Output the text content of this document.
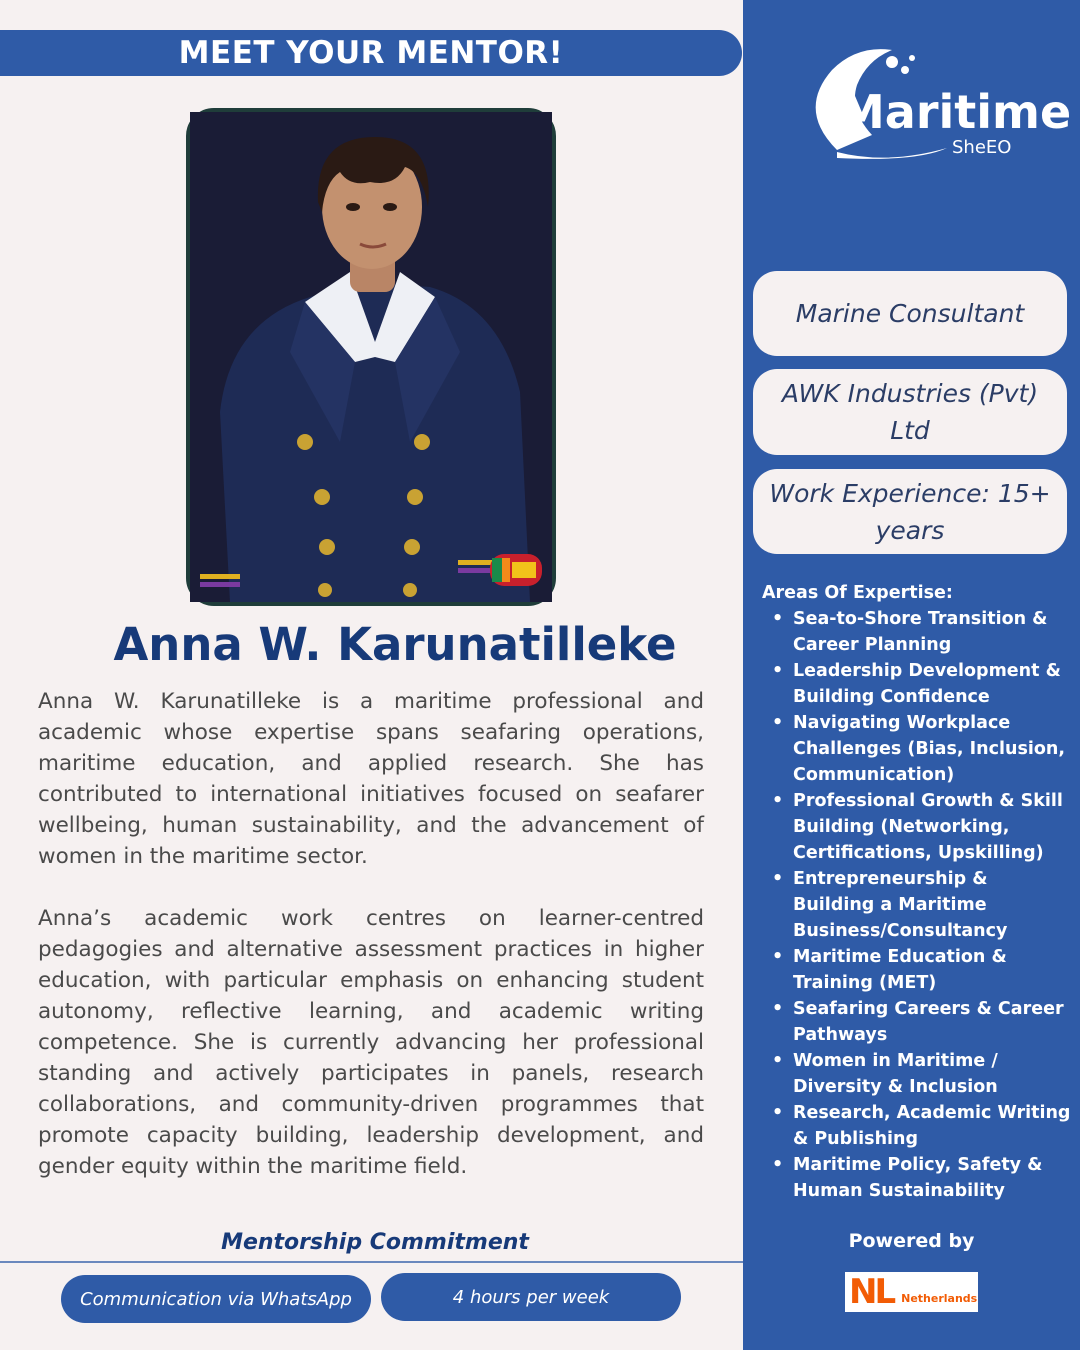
MEET YOUR MENTOR!
Anna W. Karunatilleke

Anna W. Karunatilleke is a maritime professional and academic whose expertise spans seafaring operations, maritime education, and applied research. She has contributed to international initiatives focused on seafarer wellbeing, human sustainability, and the advancement of women in the maritime sector.

Anna’s academic work centres on learner-centred pedagogies and alternative assessment practices in higher education, with particular emphasis on enhancing student autonomy, reflective learning, and academic writing competence. She is currently advancing her professional standing and actively participates in panels, research collaborations, and community-driven programmes that promote capacity building, leadership development, and gender equity within the maritime field.

Mentorship Commitment
Communication via WhatsApp	4 hours per week
Maritime
SheEO
Marine Consultant
AWK Industries (Pvt) Ltd
Work Experience: 15+ years
Areas Of Expertise:
• Sea-to-Shore Transition & Career Planning
• Leadership Development & Building Confidence
• Navigating Workplace Challenges (Bias, Inclusion, Communication)
• Professional Growth & Skill Building (Networking, Certifications, Upskilling)
• Entrepreneurship & Building a Maritime Business/Consultancy
• Maritime Education & Training (MET)
• Seafaring Careers & Career Pathways
• Women in Maritime / Diversity & Inclusion
• Research, Academic Writing & Publishing
• Maritime Policy, Safety & Human Sustainability
Powered by
NL Netherlands
